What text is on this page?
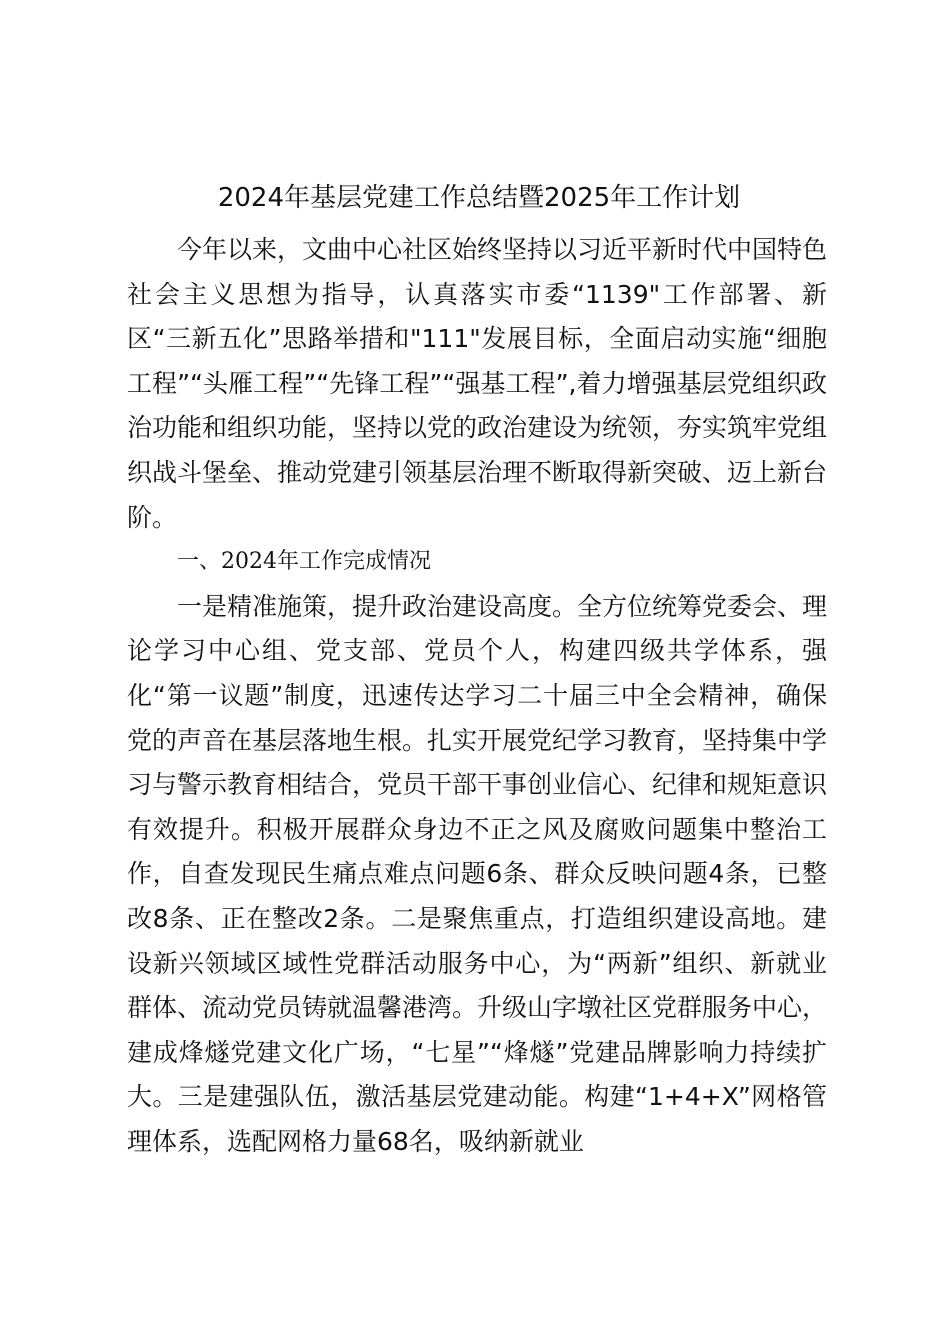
2024年基层党建工作总结暨2025年工作计划

今年以来，文曲中心社区始终坚持以习近平新时代中国特色社会主义思想为指导，认真落实市委“1139"工作部署、新区“三新五化”思路举措和"111"发展目标，全面启动实施“细胞工程”“头雁工程”“先锋工程”“强基工程”,着力增强基层党组织政治功能和组织功能，坚持以党的政治建设为统领，夯实筑牢党组织战斗堡垒、推动党建引领基层治理不断取得新突破、迈上新台阶。

一、2024年工作完成情况

一是精准施策，提升政治建设高度。全方位统筹党委会、理论学习中心组、党支部、党员个人，构建四级共学体系，强化“第一议题”制度，迅速传达学习二十届三中全会精神，确保党的声音在基层落地生根。扎实开展党纪学习教育，坚持集中学习与警示教育相结合，党员干部干事创业信心、纪律和规矩意识有效提升。积极开展群众身边不正之风及腐败问题集中整治工作，自查发现民生痛点难点问题6条、群众反映问题4条，已整改8条、正在整改2条。二是聚焦重点，打造组织建设高地。建设新兴领域区域性党群活动服务中心，为“两新”组织、新就业群体、流动党员铸就温馨港湾。升级山字墩社区党群服务中心，建成烽燧党建文化广场，“七星”“烽燧”党建品牌影响力持续扩大。三是建强队伍，激活基层党建动能。构建“1+4+X”网格管理体系，选配网格力量68名，吸纳新就业
